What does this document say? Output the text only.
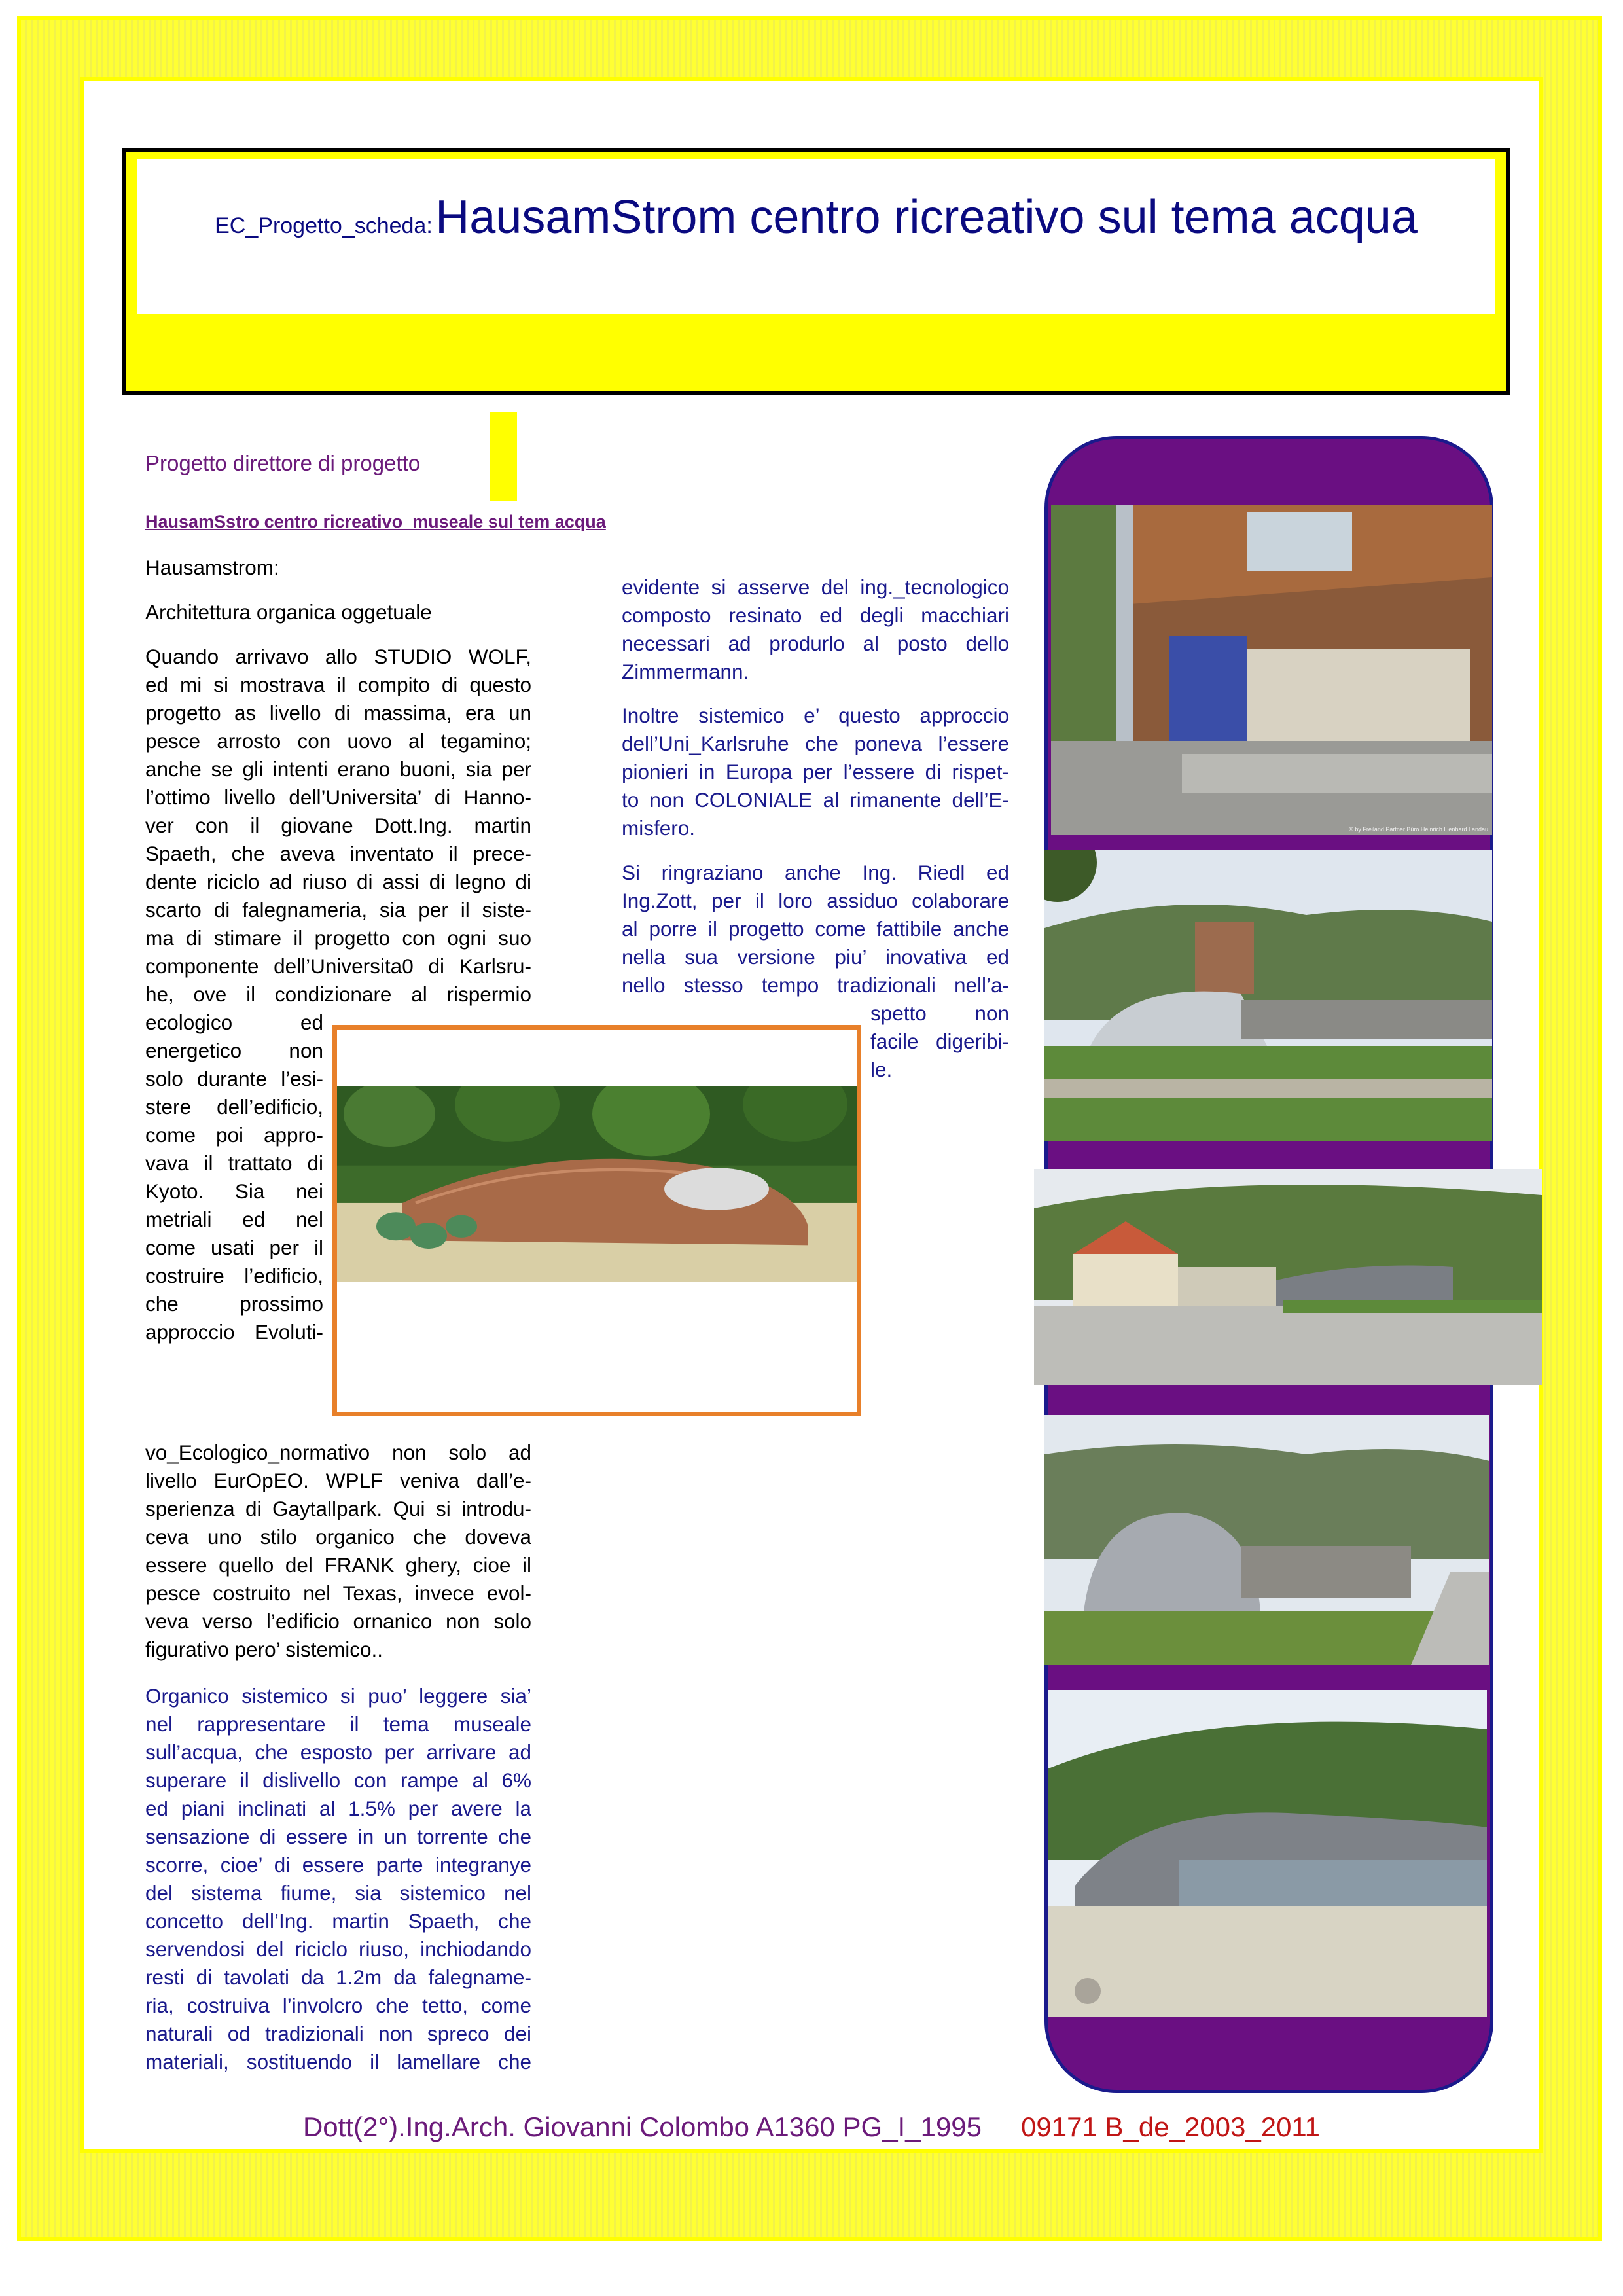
EC_Progetto_scheda: HausamStrom centro ricreativo sul tema acqua
Progetto direttore di progetto
HausamSstro centro ricreativo_museale sul tem acqua
Hausamstrom:
Architettura organica oggetuale
Quando arrivavo allo STUDIO WOLF,
ed mi si mostrava il compito di questo
progetto as livello di massima, era un
pesce arrosto con uovo al tegamino;
anche se gli intenti erano buoni, sia per
l’ottimo livello dell’Universita’ di Hanno-
ver con il giovane Dott.Ing. martin
Spaeth, che aveva inventato il prece-
dente riciclo ad riuso di assi di legno di
scarto di falegnameria, sia per il siste-
ma di stimare il progetto con ogni suo
componente dell’Universita0 di Karlsru-
he, ove il condizionare al rispermio
ecologico ed
energetico non
solo durante l’esi-
stere dell’edificio,
come poi appro-
vava il trattato di
Kyoto. Sia nei
metriali ed nel
come usati per il
costruire l’edificio,
che prossimo
approccio Evoluti-
vo_Ecologico_normativo non solo ad
livello EurOpEO. WPLF veniva dall’e-
sperienza di Gaytallpark. Qui si introdu-
ceva uno stilo organico che doveva
essere quello del FRANK ghery, cioe il
pesce costruito nel Texas, invece evol-
veva verso l’edificio ornanico non solo
figurativo pero’ sistemico..
Organico sistemico si puo’ leggere sia’
nel rappresentare il tema museale
sull’acqua, che esposto per arrivare ad
superare il dislivello con rampe al 6%
ed piani inclinati al 1.5% per avere la
sensazione di essere in un torrente che
scorre, cioe’ di essere parte integranye
del sistema fiume, sia sistemico nel
concetto dell’Ing. martin Spaeth, che
servendosi del riciclo riuso, inchiodando
resti di tavolati da 1.2m da falegname-
ria, costruiva l’involcro che tetto, come
naturali od tradizionali non spreco dei
materiali, sostituendo il lamellare che
evidente si asserve del ing._tecnologico
composto resinato ed degli macchiari
necessari ad produrlo al posto dello
Zimmermann.
Inoltre sistemico e’ questo approccio
dell’Uni_Karlsruhe che poneva l’essere
pionieri in Europa per l’essere di rispet-
to non COLONIALE al rimanente dell’E-
misfero.
Si ringraziano anche Ing. Riedl ed
Ing.Zott, per il loro assiduo colaborare
al porre il progetto come fattibile anche
nella sua versione piu’ inovativa ed
nello stesso tempo tradizionali nell’a-
spetto non
facile digeribi-
le.
© by Freiland Partner Büro Heinrich Lienhard Landau
Dott(2°).Ing.Arch. Giovanni Colombo A1360 PG_I_1995 09171 B_de_2003_2011
